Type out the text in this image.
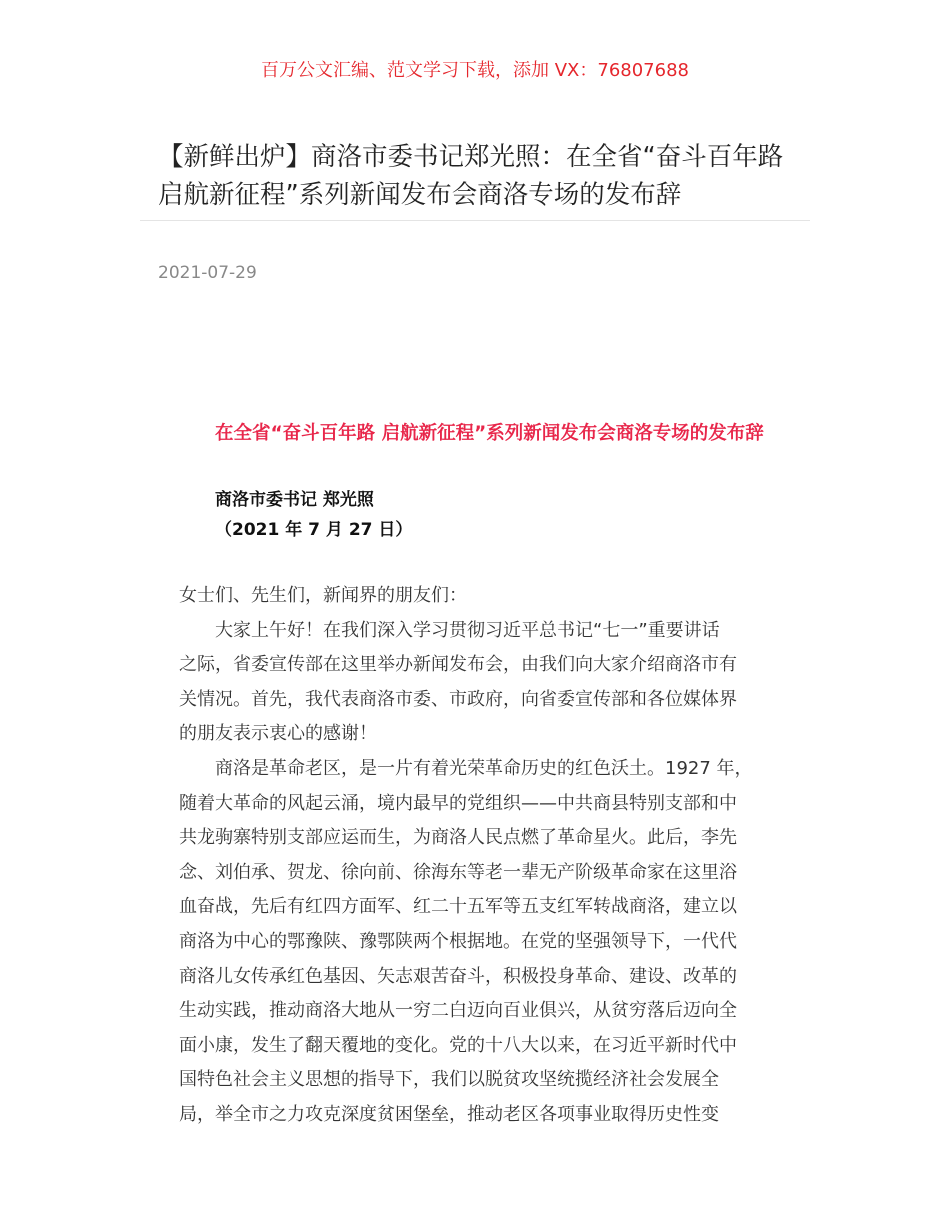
百万公文汇编、范文学习下载，添加 VX：76807688
【新鲜出炉】商洛市委书记郑光照：在全省“奋斗百年路 启航新征程”系列新闻发布会商洛专场的发布辞
2021-07-29
在全省“奋斗百年路 启航新征程”系列新闻发布会商洛专场的发布辞
商洛市委书记 郑光照
（2021 年 7 月 27 日）
女士们、先生们，新闻界的朋友们：
大家上午好！在我们深入学习贯彻习近平总书记“七一”重要讲话
之际，省委宣传部在这里举办新闻发布会，由我们向大家介绍商洛市有
关情况。首先，我代表商洛市委、市政府，向省委宣传部和各位媒体界
的朋友表示衷心的感谢！
商洛是革命老区，是一片有着光荣革命历史的红色沃土。1927 年，
随着大革命的风起云涌，境内最早的党组织——中共商县特别支部和中
共龙驹寨特别支部应运而生，为商洛人民点燃了革命星火。此后，李先
念、刘伯承、贺龙、徐向前、徐海东等老一辈无产阶级革命家在这里浴
血奋战，先后有红四方面军、红二十五军等五支红军转战商洛，建立以
商洛为中心的鄂豫陕、豫鄂陕两个根据地。在党的坚强领导下，一代代
商洛儿女传承红色基因、矢志艰苦奋斗，积极投身革命、建设、改革的
生动实践，推动商洛大地从一穷二白迈向百业俱兴，从贫穷落后迈向全
面小康，发生了翻天覆地的变化。党的十八大以来，在习近平新时代中
国特色社会主义思想的指导下，我们以脱贫攻坚统揽经济社会发展全
局，举全市之力攻克深度贫困堡垒，推动老区各项事业取得历史性变
